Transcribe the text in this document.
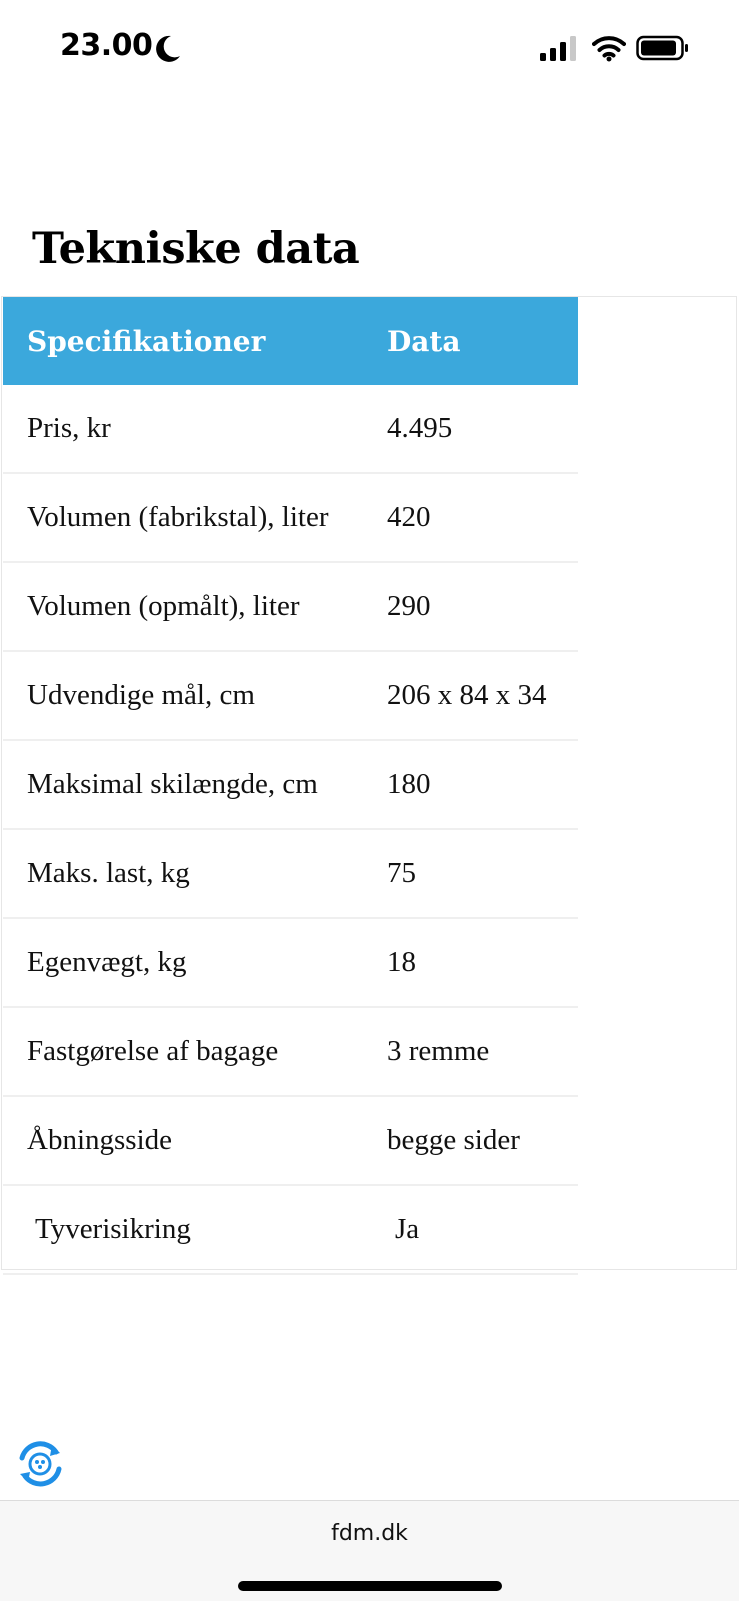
23.00
Tekniske data
Specifikationer	Data
Pris, kr	4.495
Volumen (fabrikstal), liter	420
Volumen (opmålt), liter	290
Udvendige mål, cm	206 x 84 x 34
Maksimal skilængde, cm	180
Maks. last, kg	75
Egenvægt, kg	18
Fastgørelse af bagage	3 remme
Åbningsside	begge sider
Tyverisikring	Ja
fdm.dk
